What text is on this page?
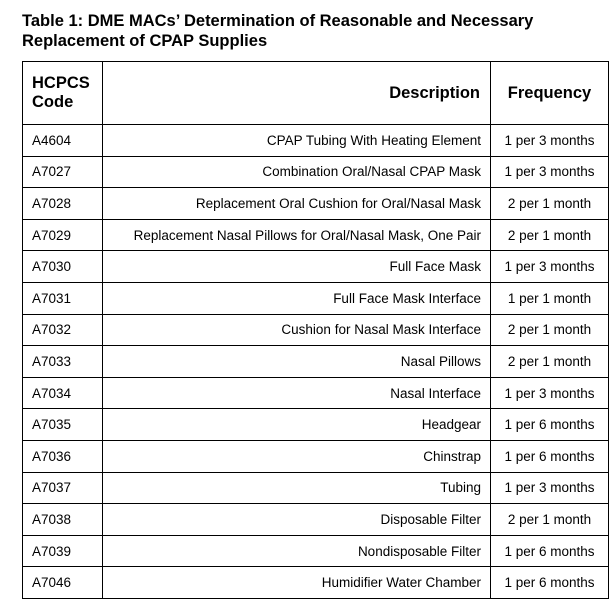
Table 1: DME MACs’ Determination of Reasonable and Necessary
Replacement of CPAP Supplies
HCPCS
Code	Description	Frequency
A4604	CPAP Tubing With Heating Element	1 per 3 months
A7027	Combination Oral/Nasal CPAP Mask	1 per 3 months
A7028	Replacement Oral Cushion for Oral/Nasal Mask	2 per 1 month
A7029	Replacement Nasal Pillows for Oral/Nasal Mask, One Pair	2 per 1 month
A7030	Full Face Mask	1 per 3 months
A7031	Full Face Mask Interface	1 per 1 month
A7032	Cushion for Nasal Mask Interface	2 per 1 month
A7033	Nasal Pillows	2 per 1 month
A7034	Nasal Interface	1 per 3 months
A7035	Headgear	1 per 6 months
A7036	Chinstrap	1 per 6 months
A7037	Tubing	1 per 3 months
A7038	Disposable Filter	2 per 1 month
A7039	Nondisposable Filter	1 per 6 months
A7046	Humidifier Water Chamber	1 per 6 months
